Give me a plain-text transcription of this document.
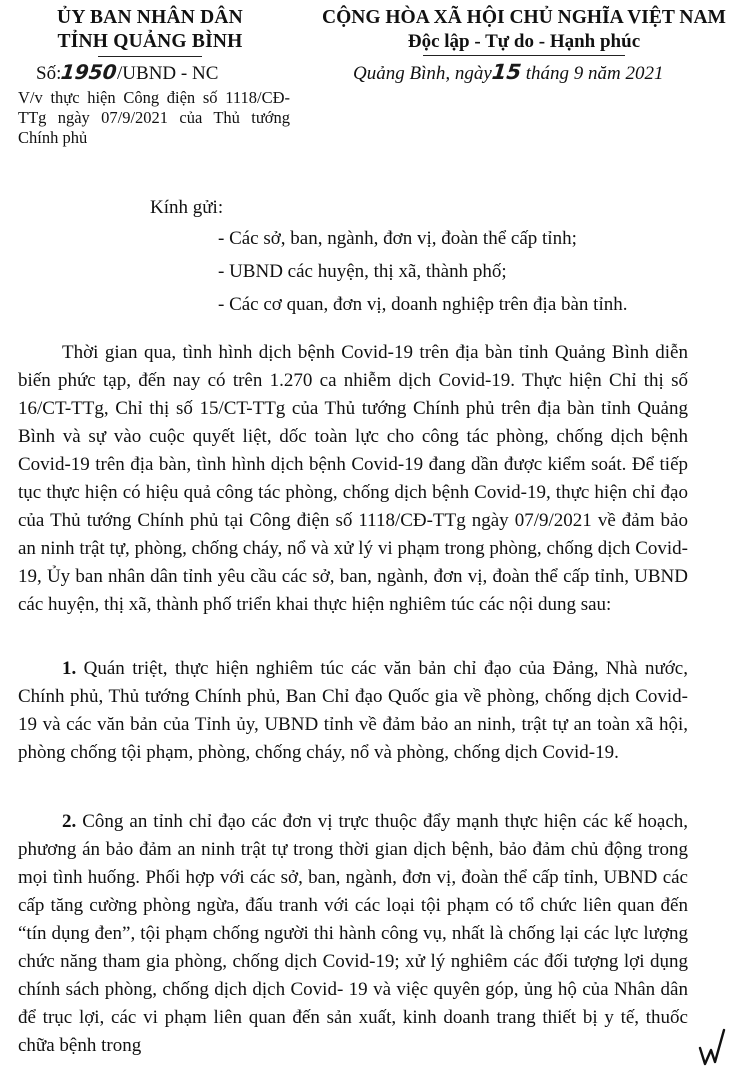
ỦY BAN NHÂN DÂN
TỈNH QUẢNG BÌNH
Số:1950/UBND - NC
V/v thực hiện Công điện số 1118/CĐ-TTg ngày 07/9/2021 của Thủ tướng Chính phủ
CỘNG HÒA XÃ HỘI CHỦ NGHĨA VIỆT NAM
Độc lập - Tự do - Hạnh phúc
Quảng Bình, ngày15 tháng 9 năm 2021
Kính gửi:
- Các sở, ban, ngành, đơn vị, đoàn thể cấp tỉnh;
- UBND các huyện, thị xã, thành phố;
- Các cơ quan, đơn vị, doanh nghiệp trên địa bàn tỉnh.

Thời gian qua, tình hình dịch bệnh Covid-19 trên địa bàn tỉnh Quảng Bình diễn biến phức tạp, đến nay có trên 1.270 ca nhiễm dịch Covid-19. Thực hiện Chỉ thị số 16/CT-TTg, Chỉ thị số 15/CT-TTg của Thủ tướng Chính phủ trên địa bàn tỉnh Quảng Bình và sự vào cuộc quyết liệt, dốc toàn lực cho công tác phòng, chống dịch bệnh Covid-19 trên địa bàn, tình hình dịch bệnh Covid-19 đang dần được kiểm soát. Để tiếp tục thực hiện có hiệu quả công tác phòng, chống dịch bệnh Covid-19, thực hiện chỉ đạo của Thủ tướng Chính phủ tại Công điện số 1118/CĐ-TTg ngày 07/9/2021 về đảm bảo an ninh trật tự, phòng, chống cháy, nổ và xử lý vi phạm trong phòng, chống dịch Covid-19, Ủy ban nhân dân tỉnh yêu cầu các sở, ban, ngành, đơn vị, đoàn thể cấp tỉnh, UBND các huyện, thị xã, thành phố triển khai thực hiện nghiêm túc các nội dung sau:

1. Quán triệt, thực hiện nghiêm túc các văn bản chỉ đạo của Đảng, Nhà nước, Chính phủ, Thủ tướng Chính phủ, Ban Chỉ đạo Quốc gia về phòng, chống dịch Covid-19 và các văn bản của Tỉnh ủy, UBND tỉnh về đảm bảo an ninh, trật tự an toàn xã hội, phòng chống tội phạm, phòng, chống cháy, nổ và phòng, chống dịch Covid-19.

2. Công an tỉnh chỉ đạo các đơn vị trực thuộc đẩy mạnh thực hiện các kế hoạch, phương án bảo đảm an ninh trật tự trong thời gian dịch bệnh, bảo đảm chủ động trong mọi tình huống. Phối hợp với các sở, ban, ngành, đơn vị, đoàn thể cấp tỉnh, UBND các cấp tăng cường phòng ngừa, đấu tranh với các loại tội phạm có tổ chức liên quan đến “tín dụng đen”, tội phạm chống người thi hành công vụ, nhất là chống lại các lực lượng chức năng tham gia phòng, chống dịch Covid-19; xử lý nghiêm các đối tượng lợi dụng chính sách phòng, chống dịch dịch Covid- 19 và việc quyên góp, ủng hộ của Nhân dân để trục lợi, các vi phạm liên quan đến sản xuất, kinh doanh trang thiết bị y tế, thuốc chữa bệnh trong
